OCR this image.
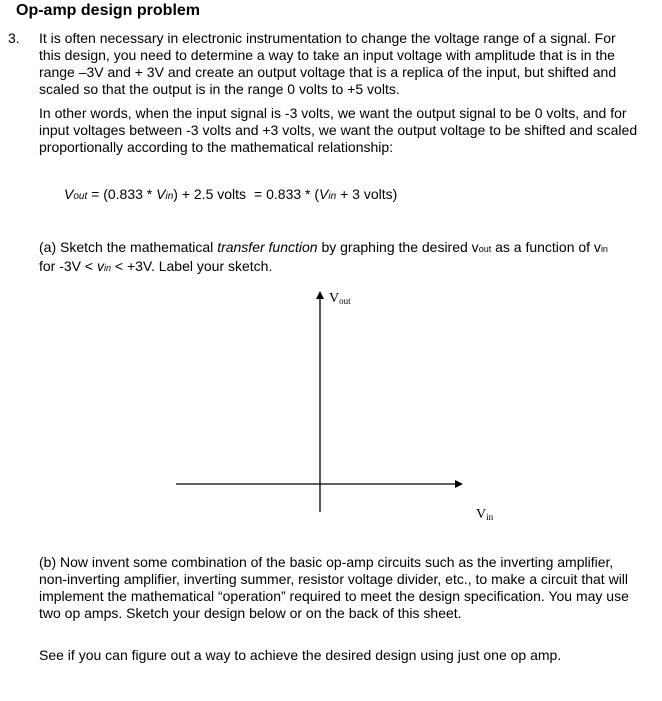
Op-amp design problem
3. It is often necessary in electronic instrumentation to change the voltage range of a signal. For this design, you need to determine a way to take an input voltage with amplitude that is in the range –3V and + 3V and create an output voltage that is a replica of the input, but shifted and scaled so that the output is in the range 0 volts to +5 volts.
In other words, when the input signal is -3 volts, we want the output signal to be 0 volts, and for input voltages between -3 volts and +3 volts, we want the output voltage to be shifted and scaled proportionally according to the mathematical relationship:
Vout = (0.833 * Vin) + 2.5 volts = 0.833 * (Vin + 3 volts)
(a) Sketch the mathematical transfer function by graphing the desired vout as a function of vin
for -3V < vin < +3V. Label your sketch.
$V_{out}$
$V_{in}$
(b) Now invent some combination of the basic op-amp circuits such as the inverting amplifier, non-inverting amplifier, inverting summer, resistor voltage divider, etc., to make a circuit that will implement the mathematical “operation” required to meet the design specification. You may use two op amps. Sketch your design below or on the back of this sheet.
See if you can figure out a way to achieve the desired design using just one op amp.
